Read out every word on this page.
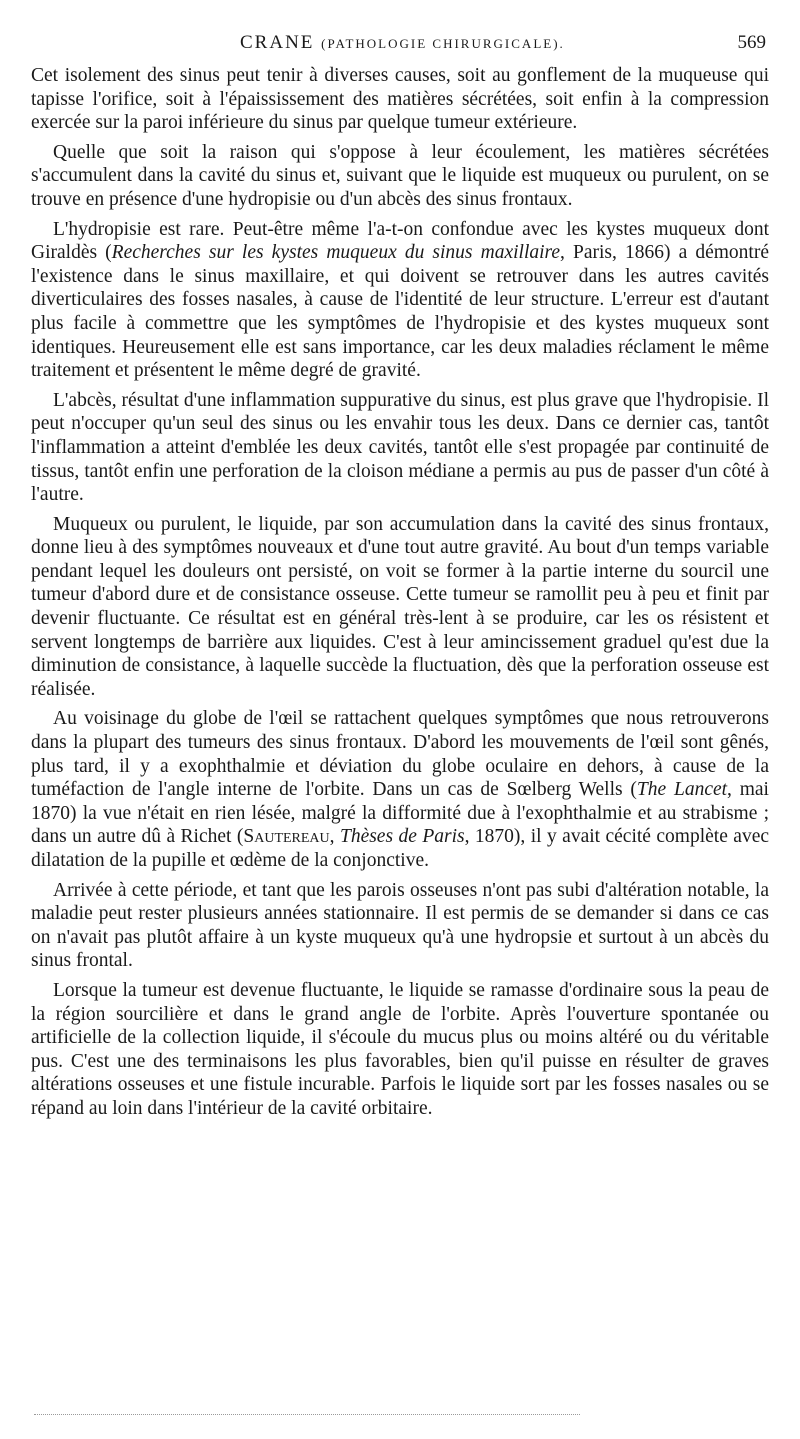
CRANE (PATHOLOGIE CHIRURGICALE).	569

Cet isolement des sinus peut tenir à diverses causes, soit au gonflement de la muqueuse qui tapisse l'orifice, soit à l'épaississement des matières sécrétées, soit enfin à la compression exercée sur la paroi inférieure du sinus par quelque tumeur extérieure.

Quelle que soit la raison qui s'oppose à leur écoulement, les matières sécrétées s'accumulent dans la cavité du sinus et, suivant que le liquide est muqueux ou purulent, on se trouve en présence d'une hydropisie ou d'un abcès des sinus frontaux.

L'hydropisie est rare. Peut-être même l'a-t-on confondue avec les kystes muqueux dont Giraldès (Recherches sur les kystes muqueux du sinus maxillaire, Paris, 1866) a démontré l'existence dans le sinus maxillaire, et qui doivent se retrouver dans les autres cavités diverticulaires des fosses nasales, à cause de l'identité de leur structure. L'erreur est d'autant plus facile à commettre que les symptômes de l'hydropisie et des kystes muqueux sont identiques. Heureusement elle est sans importance, car les deux maladies réclament le même traitement et présentent le même degré de gravité.

L'abcès, résultat d'une inflammation suppurative du sinus, est plus grave que l'hydropisie. Il peut n'occuper qu'un seul des sinus ou les envahir tous les deux. Dans ce dernier cas, tantôt l'inflammation a atteint d'emblée les deux cavités, tantôt elle s'est propagée par continuité de tissus, tantôt enfin une perforation de la cloison médiane a permis au pus de passer d'un côté à l'autre.

Muqueux ou purulent, le liquide, par son accumulation dans la cavité des sinus frontaux, donne lieu à des symptômes nouveaux et d'une tout autre gravité. Au bout d'un temps variable pendant lequel les douleurs ont persisté, on voit se former à la partie interne du sourcil une tumeur d'abord dure et de consistance osseuse. Cette tumeur se ramollit peu à peu et finit par devenir fluctuante. Ce résultat est en général très-lent à se produire, car les os résistent et servent longtemps de barrière aux liquides. C'est à leur amincissement graduel qu'est due la diminution de consistance, à laquelle succède la fluctuation, dès que la perforation osseuse est réalisée.

Au voisinage du globe de l'œil se rattachent quelques symptômes que nous retrouverons dans la plupart des tumeurs des sinus frontaux. D'abord les mouvements de l'œil sont gênés, plus tard, il y a exophthalmie et déviation du globe oculaire en dehors, à cause de la tuméfaction de l'angle interne de l'orbite. Dans un cas de Sœlberg Wells (The Lancet, mai 1870) la vue n'était en rien lésée, malgré la difformité due à l'exophthalmie et au strabisme ; dans un autre dû à Richet (Sautereau, Thèses de Paris, 1870), il y avait cécité complète avec dilatation de la pupille et œdème de la conjonctive.

Arrivée à cette période, et tant que les parois osseuses n'ont pas subi d'altération notable, la maladie peut rester plusieurs années stationnaire. Il est permis de se demander si dans ce cas on n'avait pas plutôt affaire à un kyste muqueux qu'à une hydropsie et surtout à un abcès du sinus frontal.

Lorsque la tumeur est devenue fluctuante, le liquide se ramasse d'ordinaire sous la peau de la région sourcilière et dans le grand angle de l'orbite. Après l'ouverture spontanée ou artificielle de la collection liquide, il s'écoule du mucus plus ou moins altéré ou du véritable pus. C'est une des terminaisons les plus favorables, bien qu'il puisse en résulter de graves altérations osseuses et une fistule incurable. Parfois le liquide sort par les fosses nasales ou se répand au loin dans l'intérieur de la cavité orbitaire.
